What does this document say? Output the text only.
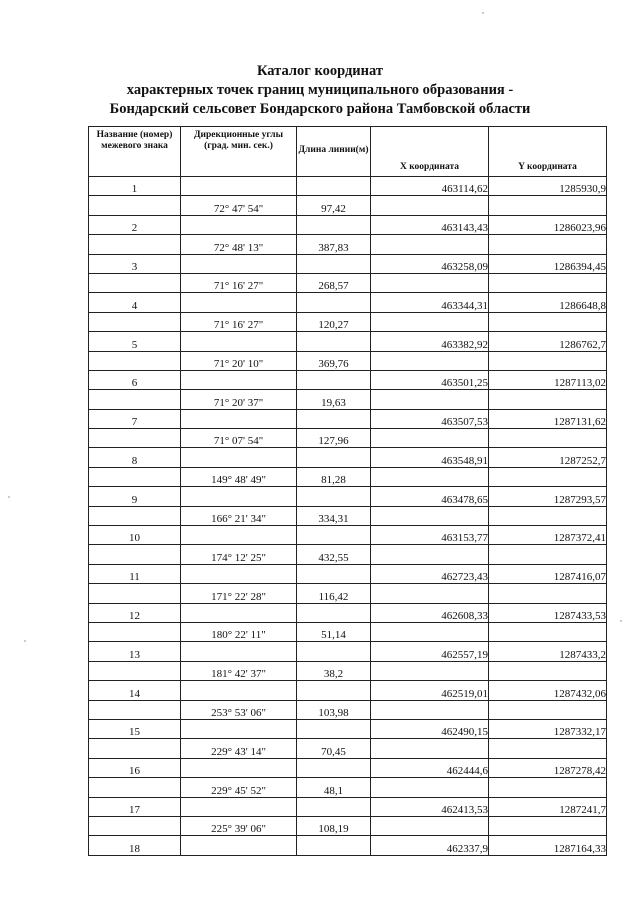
Каталог координат
характерных точек границ муниципального образования -
Бондарский сельсовет Бондарского района Тамбовской области
Название (номер) межевого знака	Дирекционные углы (град. мин. сек.)	Длина линии(м)	X координата	Y координата
1			463114,62	1285930,9
	72° 47' 54"	97,42		
2			463143,43	1286023,96
	72° 48' 13"	387,83		
3			463258,09	1286394,45
	71° 16' 27"	268,57		
4			463344,31	1286648,8
	71° 16' 27"	120,27		
5			463382,92	1286762,7
	71° 20' 10"	369,76		
6			463501,25	1287113,02
	71° 20' 37"	19,63		
7			463507,53	1287131,62
	71° 07' 54"	127,96		
8			463548,91	1287252,7
	149° 48' 49"	81,28		
9			463478,65	1287293,57
	166° 21' 34"	334,31		
10			463153,77	1287372,41
	174° 12' 25"	432,55		
11			462723,43	1287416,07
	171° 22' 28"	116,42		
12			462608,33	1287433,53
	180° 22' 11"	51,14		
13			462557,19	1287433,2
	181° 42' 37"	38,2		
14			462519,01	1287432,06
	253° 53' 06"	103,98		
15			462490,15	1287332,17
	229° 43' 14"	70,45		
16			462444,6	1287278,42
	229° 45' 52"	48,1		
17			462413,53	1287241,7
	225° 39' 06"	108,19		
18			462337,9	1287164,33
